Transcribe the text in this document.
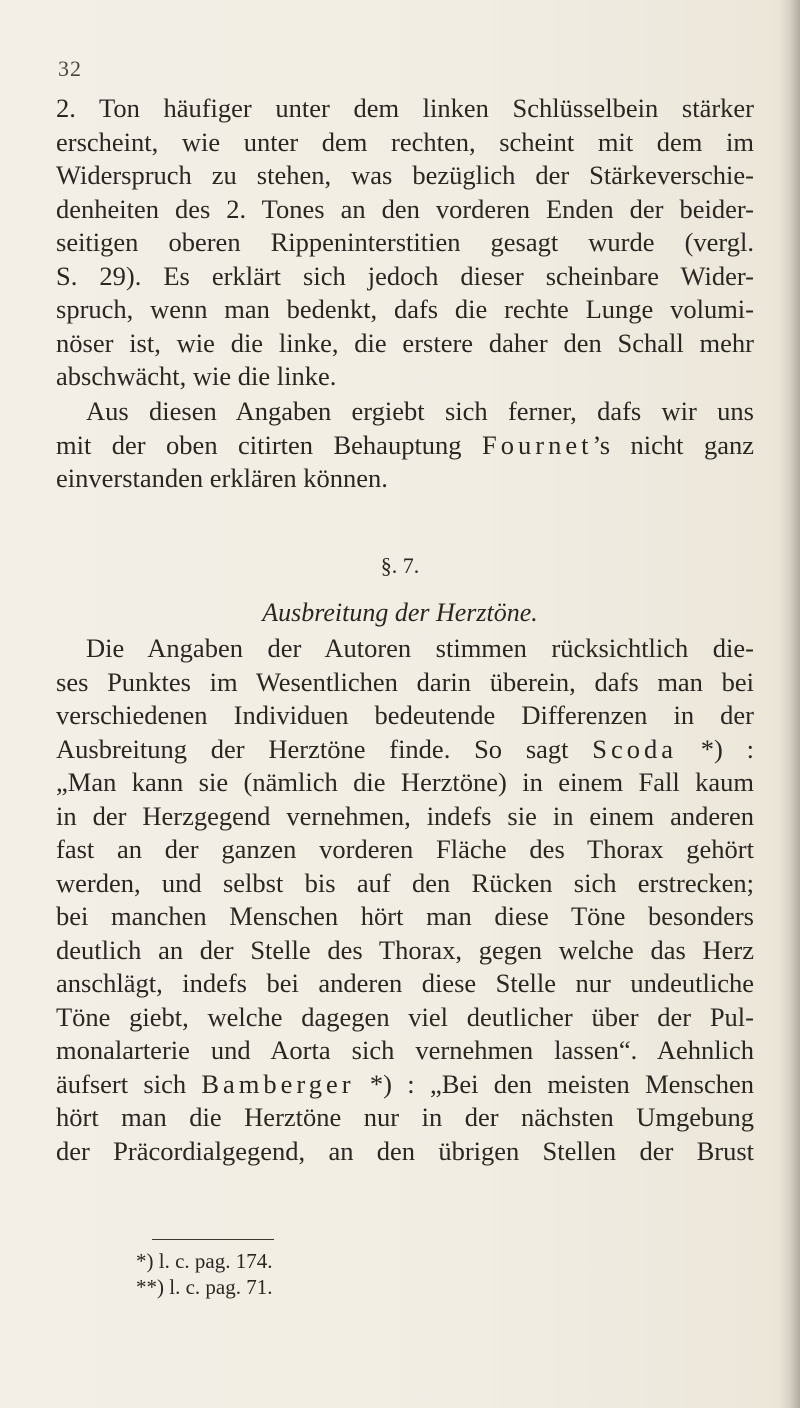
32
2. Ton häufiger unter dem linken Schlüsselbein stärker
erscheint, wie unter dem rechten, scheint mit dem im
Widerspruch zu stehen, was bezüglich der Stärkeverschie-
denheiten des 2. Tones an den vorderen Enden der beider-
seitigen oberen Rippeninterstitien gesagt wurde (vergl.
S. 29). Es erklärt sich jedoch dieser scheinbare Wider-
spruch, wenn man bedenkt, dafs die rechte Lunge volumi-
nöser ist, wie die linke, die erstere daher den Schall mehr
abschwächt, wie die linke.
Aus diesen Angaben ergiebt sich ferner, dafs wir uns
mit der oben citirten Behauptung Fournet’s nicht ganz
einverstanden erklären können.
§. 7.
Ausbreitung der Herztöne.
Die Angaben der Autoren stimmen rücksichtlich die-
ses Punktes im Wesentlichen darin überein, dafs man bei
verschiedenen Individuen bedeutende Differenzen in der
Ausbreitung der Herztöne finde. So sagt Scoda *) :
„Man kann sie (nämlich die Herztöne) in einem Fall kaum
in der Herzgegend vernehmen, indefs sie in einem anderen
fast an der ganzen vorderen Fläche des Thorax gehört
werden, und selbst bis auf den Rücken sich erstrecken;
bei manchen Menschen hört man diese Töne besonders
deutlich an der Stelle des Thorax, gegen welche das Herz
anschlägt, indefs bei anderen diese Stelle nur undeutliche
Töne giebt, welche dagegen viel deutlicher über der Pul-
monalarterie und Aorta sich vernehmen lassen“. Aehnlich
äufsert sich Bamberger *) : „Bei den meisten Menschen
hört man die Herztöne nur in der nächsten Umgebung
der Präcordialgegend, an den übrigen Stellen der Brust
*) l. c. pag. 174.
**) l. c. pag. 71.
